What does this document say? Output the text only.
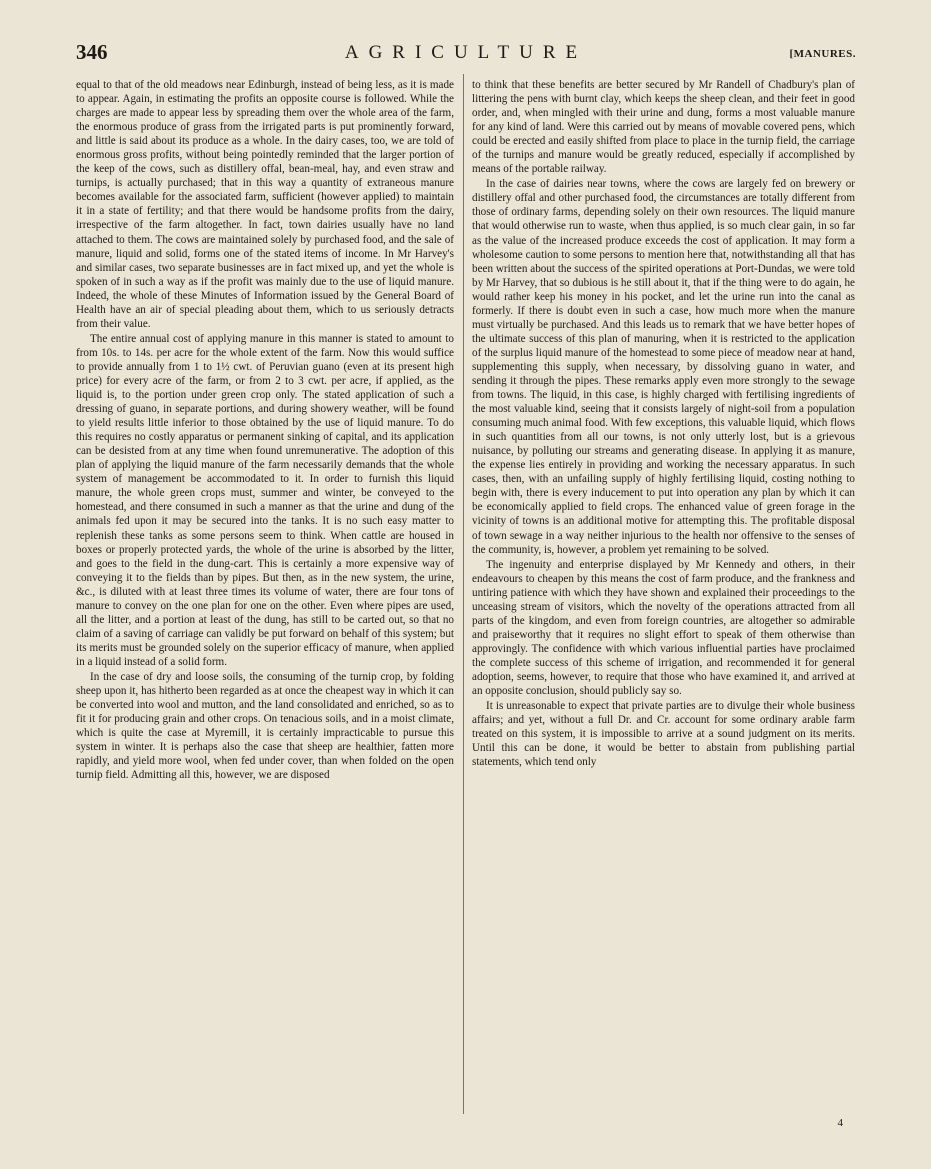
346	AGRICULTURE	[MANURES.

equal to that of the old meadows near Edinburgh, instead of being less, as it is made to appear. Again, in estimating the profits an opposite course is followed. While the charges are made to appear less by spreading them over the whole area of the farm, the enormous produce of grass from the irrigated parts is put prominently forward, and little is said about its produce as a whole. In the dairy cases, too, we are told of enormous gross profits, without being pointedly reminded that the larger portion of the keep of the cows, such as distillery offal, bean-meal, hay, and even straw and turnips, is actually purchased; that in this way a quantity of extraneous manure becomes available for the associated farm, sufficient (however applied) to maintain it in a state of fertility; and that there would be handsome profits from the dairy, irrespective of the farm altogether. In fact, town dairies usually have no land attached to them. The cows are maintained solely by purchased food, and the sale of manure, liquid and solid, forms one of the stated items of income. In Mr Harvey's and similar cases, two separate businesses are in fact mixed up, and yet the whole is spoken of in such a way as if the profit was mainly due to the use of liquid manure. Indeed, the whole of these Minutes of Information issued by the General Board of Health have an air of special pleading about them, which to us seriously detracts from their value.

The entire annual cost of applying manure in this manner is stated to amount to from 10s. to 14s. per acre for the whole extent of the farm. Now this would suffice to provide annually from 1 to 1½ cwt. of Peruvian guano (even at its present high price) for every acre of the farm, or from 2 to 3 cwt. per acre, if applied, as the liquid is, to the portion under green crop only. The stated application of such a dressing of guano, in separate portions, and during showery weather, will be found to yield results little inferior to those obtained by the use of liquid manure. To do this requires no costly apparatus or permanent sinking of capital, and its application can be desisted from at any time when found unremunerative. The adoption of this plan of applying the liquid manure of the farm necessarily demands that the whole system of management be accommodated to it. In order to furnish this liquid manure, the whole green crops must, summer and winter, be conveyed to the homestead, and there consumed in such a manner as that the urine and dung of the animals fed upon it may be secured into the tanks. It is no such easy matter to replenish these tanks as some persons seem to think. When cattle are housed in boxes or properly protected yards, the whole of the urine is absorbed by the litter, and goes to the field in the dung-cart. This is certainly a more expensive way of conveying it to the fields than by pipes. But then, as in the new system, the urine, &c., is diluted with at least three times its volume of water, there are four tons of manure to convey on the one plan for one on the other. Even where pipes are used, all the litter, and a portion at least of the dung, has still to be carted out, so that no claim of a saving of carriage can validly be put forward on behalf of this system; but its merits must be grounded solely on the superior efficacy of manure, when applied in a liquid instead of a solid form.

In the case of dry and loose soils, the consuming of the turnip crop, by folding sheep upon it, has hitherto been regarded as at once the cheapest way in which it can be converted into wool and mutton, and the land consolidated and enriched, so as to fit it for producing grain and other crops. On tenacious soils, and in a moist climate, which is quite the case at Myremill, it is certainly impracticable to pursue this system in winter. It is perhaps also the case that sheep are healthier, fatten more rapidly, and yield more wool, when fed under cover, than when folded on the open turnip field. Admitting all this, however, we are disposed

to think that these benefits are better secured by Mr Randell of Chadbury's plan of littering the pens with burnt clay, which keeps the sheep clean, and their feet in good order, and, when mingled with their urine and dung, forms a most valuable manure for any kind of land. Were this carried out by means of movable covered pens, which could be erected and easily shifted from place to place in the turnip field, the carriage of the turnips and manure would be greatly reduced, especially if accomplished by means of the portable railway.

In the case of dairies near towns, where the cows are largely fed on brewery or distillery offal and other purchased food, the circumstances are totally different from those of ordinary farms, depending solely on their own resources. The liquid manure that would otherwise run to waste, when thus applied, is so much clear gain, in so far as the value of the increased produce exceeds the cost of application. It may form a wholesome caution to some persons to mention here that, notwithstanding all that has been written about the success of the spirited operations at Port-Dundas, we were told by Mr Harvey, that so dubious is he still about it, that if the thing were to do again, he would rather keep his money in his pocket, and let the urine run into the canal as formerly. If there is doubt even in such a case, how much more when the manure must virtually be purchased. And this leads us to remark that we have better hopes of the ultimate success of this plan of manuring, when it is restricted to the application of the surplus liquid manure of the homestead to some piece of meadow near at hand, supplementing this supply, when necessary, by dissolving guano in water, and sending it through the pipes. These remarks apply even more strongly to the sewage from towns. The liquid, in this case, is highly charged with fertilising ingredients of the most valuable kind, seeing that it consists largely of night-soil from a population consuming much animal food. With few exceptions, this valuable liquid, which flows in such quantities from all our towns, is not only utterly lost, but is a grievous nuisance, by polluting our streams and generating disease. In applying it as manure, the expense lies entirely in providing and working the necessary apparatus. In such cases, then, with an unfailing supply of highly fertilising liquid, costing nothing to begin with, there is every inducement to put into operation any plan by which it can be economically applied to field crops. The enhanced value of green forage in the vicinity of towns is an additional motive for attempting this. The profitable disposal of town sewage in a way neither injurious to the health nor offensive to the senses of the community, is, however, a problem yet remaining to be solved.

The ingenuity and enterprise displayed by Mr Kennedy and others, in their endeavours to cheapen by this means the cost of farm produce, and the frankness and untiring patience with which they have shown and explained their proceedings to the unceasing stream of visitors, which the novelty of the operations attracted from all parts of the kingdom, and even from foreign countries, are altogether so admirable and praiseworthy that it requires no slight effort to speak of them otherwise than approvingly. The confidence with which various influential parties have proclaimed the complete success of this scheme of irrigation, and recommended it for general adoption, seems, however, to require that those who have examined it, and arrived at an opposite conclusion, should publicly say so.

It is unreasonable to expect that private parties are to divulge their whole business affairs; and yet, without a full Dr. and Cr. account for some ordinary arable farm treated on this system, it is impossible to arrive at a sound judgment on its merits. Until this can be done, it would be better to abstain from publishing partial statements, which tend only

4
